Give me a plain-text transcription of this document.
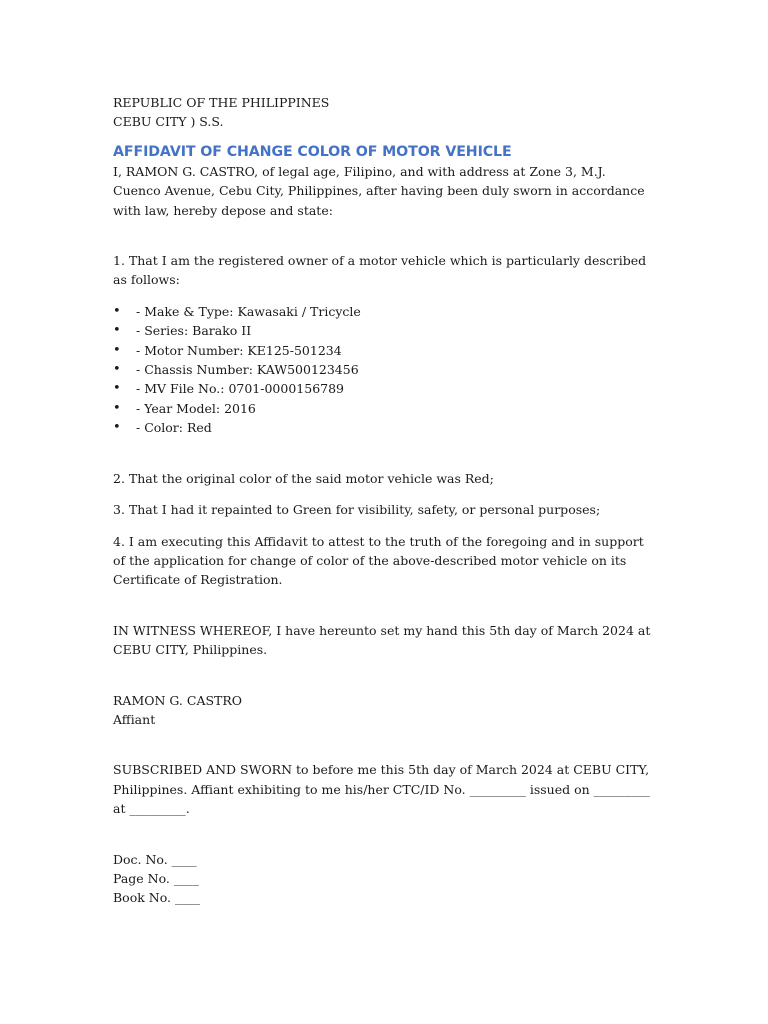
REPUBLIC OF THE PHILIPPINES

CEBU CITY ) S.S.

AFFIDAVIT OF CHANGE COLOR OF MOTOR VEHICLE

I, RAMON G. CASTRO, of legal age, Filipino, and with address at Zone 3, M.J. Cuenco Avenue, Cebu City, Philippines, after having been duly sworn in accordance with law, hereby depose and state:

1. That I am the registered owner of a motor vehicle which is particularly described as follows:

• - Make & Type: Kawasaki / Tricycle
• - Series: Barako II
• - Motor Number: KE125-501234
• - Chassis Number: KAW500123456
• - MV File No.: 0701-0000156789
• - Year Model: 2016
• - Color: Red

2. That the original color of the said motor vehicle was Red;

3. That I had it repainted to Green for visibility, safety, or personal purposes;

4. I am executing this Affidavit to attest to the truth of the foregoing and in support of the application for change of color of the above-described motor vehicle on its Certificate of Registration.

IN WITNESS WHEREOF, I have hereunto set my hand this 5th day of March 2024 at CEBU CITY, Philippines.

RAMON G. CASTRO

Affiant

SUBSCRIBED AND SWORN to before me this 5th day of March 2024 at CEBU CITY, Philippines. Affiant exhibiting to me his/her CTC/ID No. _________ issued on _________ at _________.

Doc. No. ____

Page No. ____

Book No. ____
